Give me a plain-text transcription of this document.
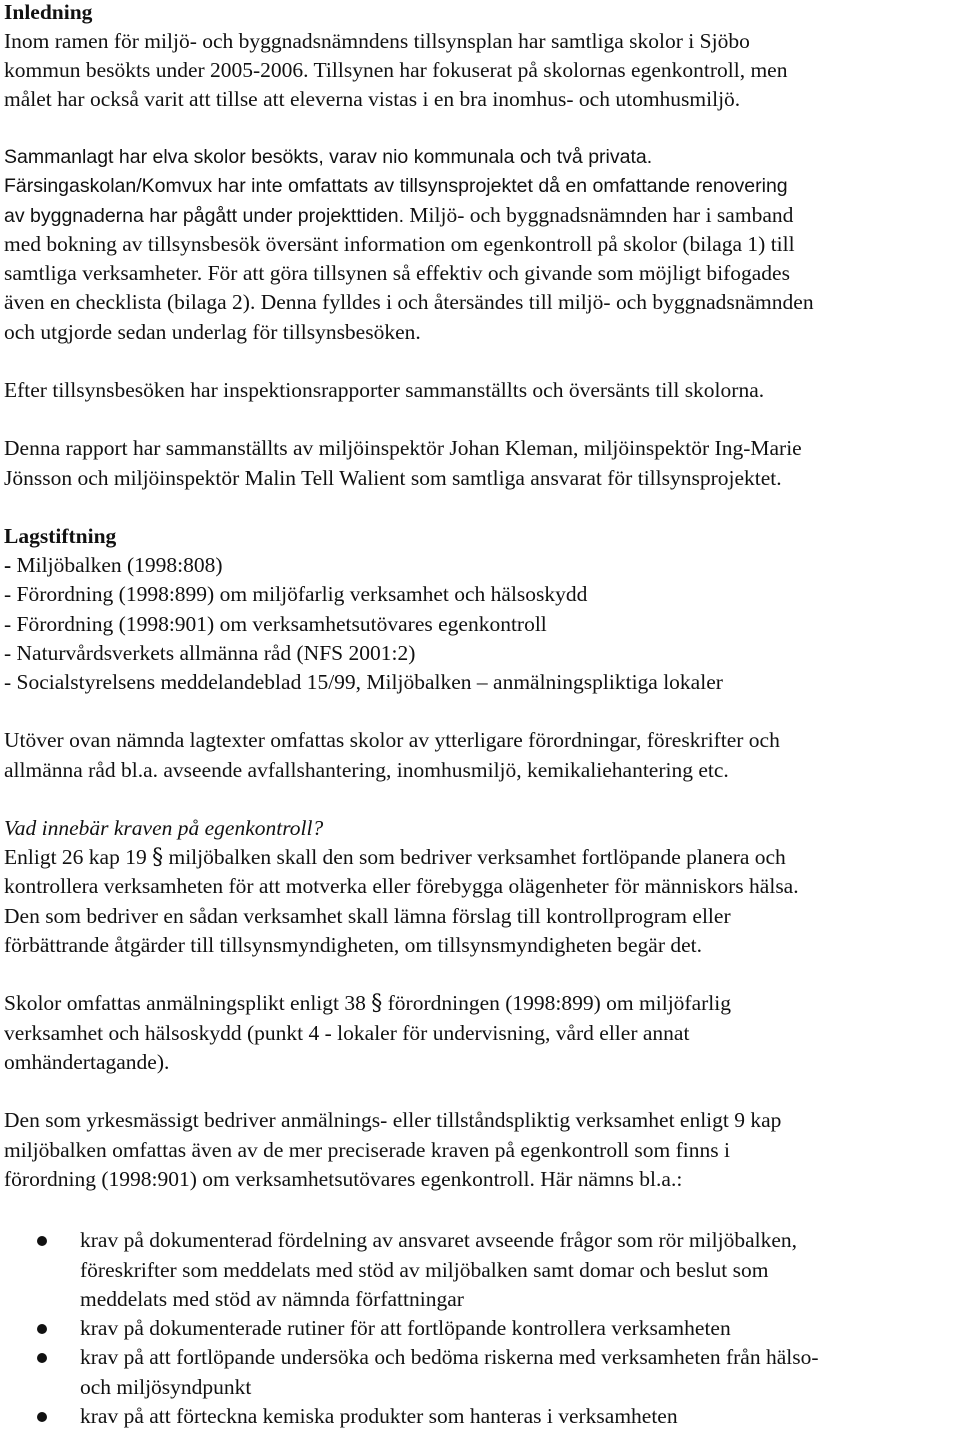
Inledning
Inom ramen för miljö- och byggnadsnämndens tillsynsplan har samtliga skolor i Sjöbo
kommun besökts under 2005-2006. Tillsynen har fokuserat på skolornas egenkontroll, men
målet har också varit att tillse att eleverna vistas i en bra inomhus- och utomhusmiljö.
Sammanlagt har elva skolor besökts, varav nio kommunala och två privata.
Färsingaskolan/Komvux har inte omfattats av tillsynsprojektet då en omfattande renovering
av byggnaderna har pågått under projekttiden. Miljö- och byggnadsnämnden har i samband
med bokning av tillsynsbesök översänt information om egenkontroll på skolor (bilaga 1) till
samtliga verksamheter. För att göra tillsynen så effektiv och givande som möjligt bifogades
även en checklista (bilaga 2). Denna fylldes i och återsändes till miljö- och byggnadsnämnden
och utgjorde sedan underlag för tillsynsbesöken.
Efter tillsynsbesöken har inspektionsrapporter sammanställts och översänts till skolorna.
Denna rapport har sammanställts av miljöinspektör Johan Kleman, miljöinspektör Ing-Marie
Jönsson och miljöinspektör Malin Tell Walient som samtliga ansvarat för tillsynsprojektet.
Lagstiftning
- Miljöbalken (1998:808)
- Förordning (1998:899) om miljöfarlig verksamhet och hälsoskydd
- Förordning (1998:901) om verksamhetsutövares egenkontroll
- Naturvårdsverkets allmänna råd (NFS 2001:2)
- Socialstyrelsens meddelandeblad 15/99, Miljöbalken – anmälningspliktiga lokaler
Utöver ovan nämnda lagtexter omfattas skolor av ytterligare förordningar, föreskrifter och
allmänna råd bl.a. avseende avfallshantering, inomhusmiljö, kemikaliehantering etc.
Vad innebär kraven på egenkontroll?
Enligt 26 kap 19 § miljöbalken skall den som bedriver verksamhet fortlöpande planera och
kontrollera verksamheten för att motverka eller förebygga olägenheter för människors hälsa.
Den som bedriver en sådan verksamhet skall lämna förslag till kontrollprogram eller
förbättrande åtgärder till tillsynsmyndigheten, om tillsynsmyndigheten begär det.
Skolor omfattas anmälningsplikt enligt 38 § förordningen (1998:899) om miljöfarlig
verksamhet och hälsoskydd (punkt 4 - lokaler för undervisning, vård eller annat
omhändertagande).
Den som yrkesmässigt bedriver anmälnings- eller tillståndspliktig verksamhet enligt 9 kap
miljöbalken omfattas även av de mer preciserade kraven på egenkontroll som finns i
förordning (1998:901) om verksamhetsutövares egenkontroll. Här nämns bl.a.:
krav på dokumenterad fördelning av ansvaret avseende frågor som rör miljöbalken,
föreskrifter som meddelats med stöd av miljöbalken samt domar och beslut som
meddelats med stöd av nämnda författningar
krav på dokumenterade rutiner för att fortlöpande kontrollera verksamheten
krav på att fortlöpande undersöka och bedöma riskerna med verksamheten från hälso-
och miljösyndpunkt
krav på att förteckna kemiska produkter som hanteras i verksamheten
